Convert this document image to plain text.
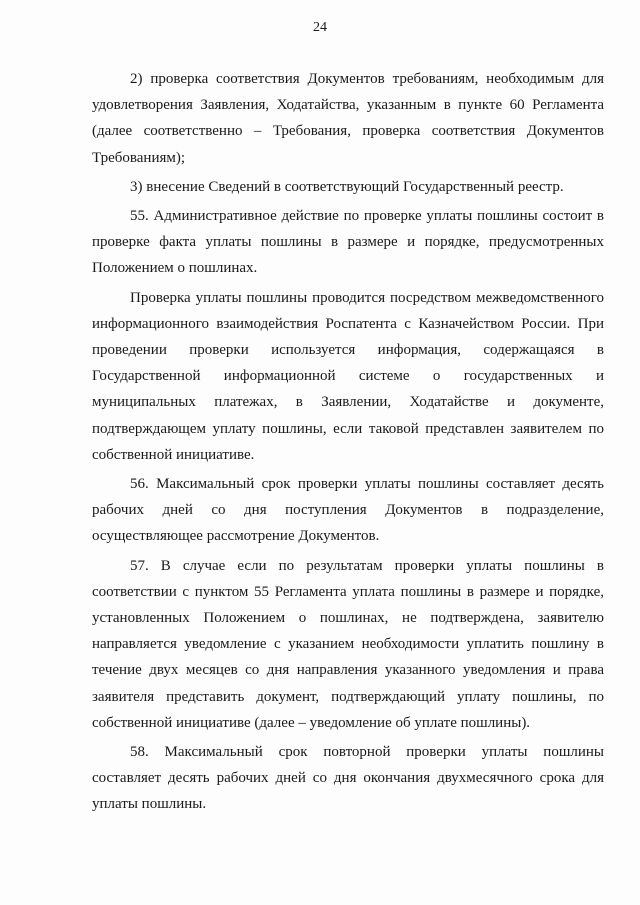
24

2) проверка соответствия Документов требованиям, необходимым для удовлетворения Заявления, Ходатайства, указанным в пункте 60 Регламента (далее соответственно – Требования, проверка соответствия Документов Требованиям);

3) внесение Сведений в соответствующий Государственный реестр.

55. Административное действие по проверке уплаты пошлины состоит в проверке факта уплаты пошлины в размере и порядке, предусмотренных Положением о пошлинах.

Проверка уплаты пошлины проводится посредством межведомственного информационного взаимодействия Роспатента с Казначейством России. При проведении проверки используется информация, содержащаяся в Государственной информационной системе о государственных и муниципальных платежах, в Заявлении, Ходатайстве и документе, подтверждающем уплату пошлины, если таковой представлен заявителем по собственной инициативе.

56. Максимальный срок проверки уплаты пошлины составляет десять рабочих дней со дня поступления Документов в подразделение, осуществляющее рассмотрение Документов.

57. В случае если по результатам проверки уплаты пошлины в соответствии с пунктом 55 Регламента уплата пошлины в размере и порядке, установленных Положением о пошлинах, не подтверждена, заявителю направляется уведомление с указанием необходимости уплатить пошлину в течение двух месяцев со дня направления указанного уведомления и права заявителя представить документ, подтверждающий уплату пошлины, по собственной инициативе (далее – уведомление об уплате пошлины).

58. Максимальный срок повторной проверки уплаты пошлины составляет десять рабочих дней со дня окончания двухмесячного срока для уплаты пошлины.
